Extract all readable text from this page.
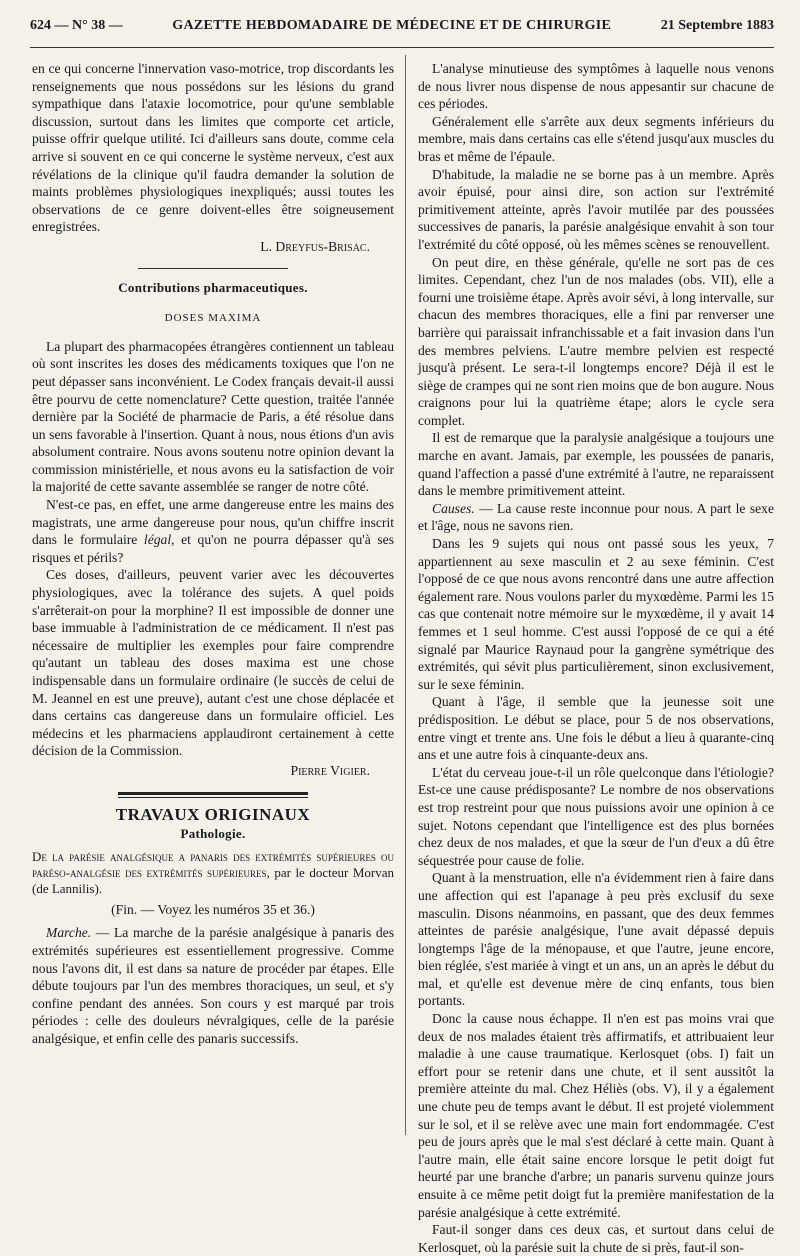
624 — N° 38 —	GAZETTE HEBDOMADAIRE DE MÉDECINE ET DE CHIRURGIE	21 Septembre 1883

en ce qui concerne l'innervation vaso-motrice, trop discordants les renseignements que nous possédons sur les lésions du grand sympathique dans l'ataxie locomotrice, pour qu'une semblable discussion, surtout dans les limites que comporte cet article, puisse offrir quelque utilité. Ici d'ailleurs sans doute, comme cela arrive si souvent en ce qui concerne le système nerveux, c'est aux révélations de la clinique qu'il faudra demander la solution de maints problèmes physiologiques inexpliqués; aussi toutes les observations de ce genre doivent-elles être soigneusement enregistrées.

L. Dreyfus-Brisac.

Contributions pharmaceutiques.
DOSES MAXIMA

La plupart des pharmacopées étrangères contiennent un tableau où sont inscrites les doses des médicaments toxiques que l'on ne peut dépasser sans inconvénient. Le Codex français devait-il aussi être pourvu de cette nomenclature? Cette question, traitée l'année dernière par la Société de pharmacie de Paris, a été résolue dans un sens favorable à l'insertion. Quant à nous, nous étions d'un avis absolument contraire. Nous avons soutenu notre opinion devant la commission ministérielle, et nous avons eu la satisfaction de voir la majorité de cette savante assemblée se ranger de notre côté.

N'est-ce pas, en effet, une arme dangereuse entre les mains des magistrats, une arme dangereuse pour nous, qu'un chiffre inscrit dans le formulaire légal, et qu'on ne pourra dépasser qu'à ses risques et périls?

Ces doses, d'ailleurs, peuvent varier avec les découvertes physiologiques, avec la tolérance des sujets. A quel poids s'arrêterait-on pour la morphine? Il est impossible de donner une base immuable à l'administration de ce médicament. Il n'est pas nécessaire de multiplier les exemples pour faire comprendre qu'autant un tableau des doses maxima est une chose indispensable dans un formulaire ordinaire (le succès de celui de M. Jeannel en est une preuve), autant c'est une chose déplacée et dans certains cas dangereuse dans un formulaire officiel. Les médecins et les pharmaciens applaudiront certainement à cette décision de la Commission.

Pierre Vigier.

TRAVAUX ORIGINAUX
Pathologie.

De la parésie analgésique a panaris des extrémités supérieures ou paréso-analgésie des extrémités supérieures, par le docteur Morvan (de Lannilis).

(Fin. — Voyez les numéros 35 et 36.)

Marche. — La marche de la parésie analgésique à panaris des extrémités supérieures est essentiellement progressive. Comme nous l'avons dit, il est dans sa nature de procéder par étapes. Elle débute toujours par l'un des membres thoraciques, un seul, et s'y confine pendant des années. Son cours y est marqué par trois périodes : celle des douleurs névralgiques, celle de la parésie analgésique, et enfin celle des panaris successifs.

L'analyse minutieuse des symptômes à laquelle nous venons de nous livrer nous dispense de nous appesantir sur chacune de ces périodes.

Généralement elle s'arrête aux deux segments inférieurs du membre, mais dans certains cas elle s'étend jusqu'aux muscles du bras et même de l'épaule.

D'habitude, la maladie ne se borne pas à un membre. Après avoir épuisé, pour ainsi dire, son action sur l'extrémité primitivement atteinte, après l'avoir mutilée par des poussées successives de panaris, la parésie analgésique envahit à son tour l'extrémité du côté opposé, où les mêmes scènes se renouvellent.

On peut dire, en thèse générale, qu'elle ne sort pas de ces limites. Cependant, chez l'un de nos malades (obs. VII), elle a fourni une troisième étape. Après avoir sévi, à long intervalle, sur chacun des membres thoraciques, elle a fini par renverser une barrière qui paraissait infranchissable et a fait invasion dans l'un des membres pelviens. L'autre membre pelvien est respecté jusqu'à présent. Le sera-t-il longtemps encore? Déjà il est le siège de crampes qui ne sont rien moins que de bon augure. Nous craignons pour lui la quatrième étape; alors le cycle sera complet.

Il est de remarque que la paralysie analgésique a toujours une marche en avant. Jamais, par exemple, les poussées de panaris, quand l'affection a passé d'une extrémité à l'autre, ne reparaissent dans le membre primitivement atteint.

Causes. — La cause reste inconnue pour nous. A part le sexe et l'âge, nous ne savons rien.

Dans les 9 sujets qui nous ont passé sous les yeux, 7 appartiennent au sexe masculin et 2 au sexe féminin. C'est l'opposé de ce que nous avons rencontré dans une autre affection également rare. Nous voulons parler du myxœdème. Parmi les 15 cas que contenait notre mémoire sur le myxœdème, il y avait 14 femmes et 1 seul homme. C'est aussi l'opposé de ce qui a été signalé par Maurice Raynaud pour la gangrène symétrique des extrémités, qui sévit plus particulièrement, sinon exclusivement, sur le sexe féminin.

Quant à l'âge, il semble que la jeunesse soit une prédisposition. Le début se place, pour 5 de nos observations, entre vingt et trente ans. Une fois le début a lieu à quarante-cinq ans et une autre fois à cinquante-deux ans.

L'état du cerveau joue-t-il un rôle quelconque dans l'étiologie? Est-ce une cause prédisposante? Le nombre de nos observations est trop restreint pour que nous puissions avoir une opinion à ce sujet. Notons cependant que l'intelligence est des plus bornées chez deux de nos malades, et que la sœur de l'un d'eux a dû être séquestrée pour cause de folie.

Quant à la menstruation, elle n'a évidemment rien à faire dans une affection qui est l'apanage à peu près exclusif du sexe masculin. Disons néanmoins, en passant, que des deux femmes atteintes de parésie analgésique, l'une avait dépassé depuis longtemps l'âge de la ménopause, et que l'autre, jeune encore, bien réglée, s'est mariée à vingt et un ans, un an après le début du mal, et qu'elle est devenue mère de cinq enfants, tous bien portants.

Donc la cause nous échappe. Il n'en est pas moins vrai que deux de nos malades étaient très affirmatifs, et attribuaient leur maladie à une cause traumatique. Kerlosquet (obs. I) fait un effort pour se retenir dans une chute, et il sent aussitôt la première atteinte du mal. Chez Héliès (obs. V), il y a également une chute peu de temps avant le début. Il est projeté violemment sur le sol, et il se relève avec une main fort endommagée. C'est peu de jours après que le mal s'est déclaré à cette main. Quant à l'autre main, elle était saine encore lorsque le petit doigt fut heurté par une branche d'arbre; un panaris survenu quinze jours ensuite à ce même petit doigt fut la première manifestation de la parésie analgésique à cette extrémité.

Faut-il songer dans ces deux cas, et surtout dans celui de Kerlosquet, où la parésie suit la chute de si près, faut-il son-
